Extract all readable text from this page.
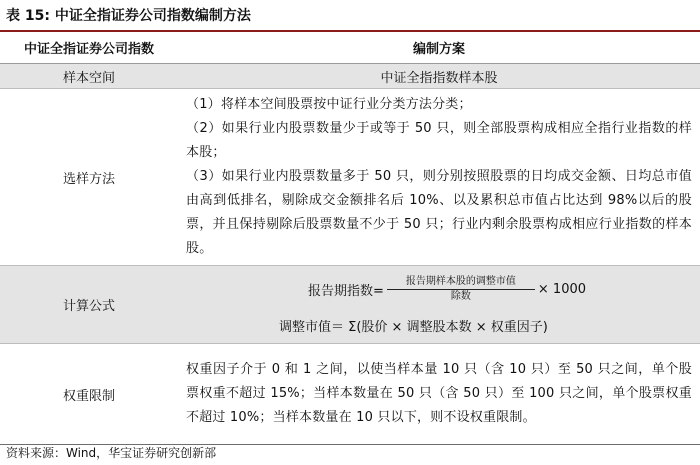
表 15: 中证全指证券公司指数编制方法
中证全指证券公司指数	编制方案
样本空间	中证全指指数样本股
选样方法	（1）将样本空间股票按中证行业分类方法分类；
（2）如果行业内股票数量少于或等于 50 只，则全部股票构成相应全指行业指数的样本股；
（3）如果行业内股票数量多于 50 只，则分别按照股票的日均成交金额、日均总市值由高到低排名，剔除成交金额排名后 10%、以及累积总市值占比达到 98%以后的股票，并且保持剔除后股票数量不少于 50 只；行业内剩余股票构成相应行业指数的样本股。

计算公式	报告期指数= $\frac{\text{报告期样本股的调整市值}}{\text{除数}} \times 1000$
调整市值＝ Σ(股价 × 调整股本数 × 权重因子)

权重限制	权重因子介于 0 和 1 之间，以使当样本量 10 只（含 10 只）至 50 只之间，单个股票权重不超过 15%；当样本数量在 50 只（含 50 只）至 100 只之间，单个股票权重不超过 10%；当样本数量在 10 只以下，则不设权重限制。
资料来源：Wind，华宝证券研究创新部
